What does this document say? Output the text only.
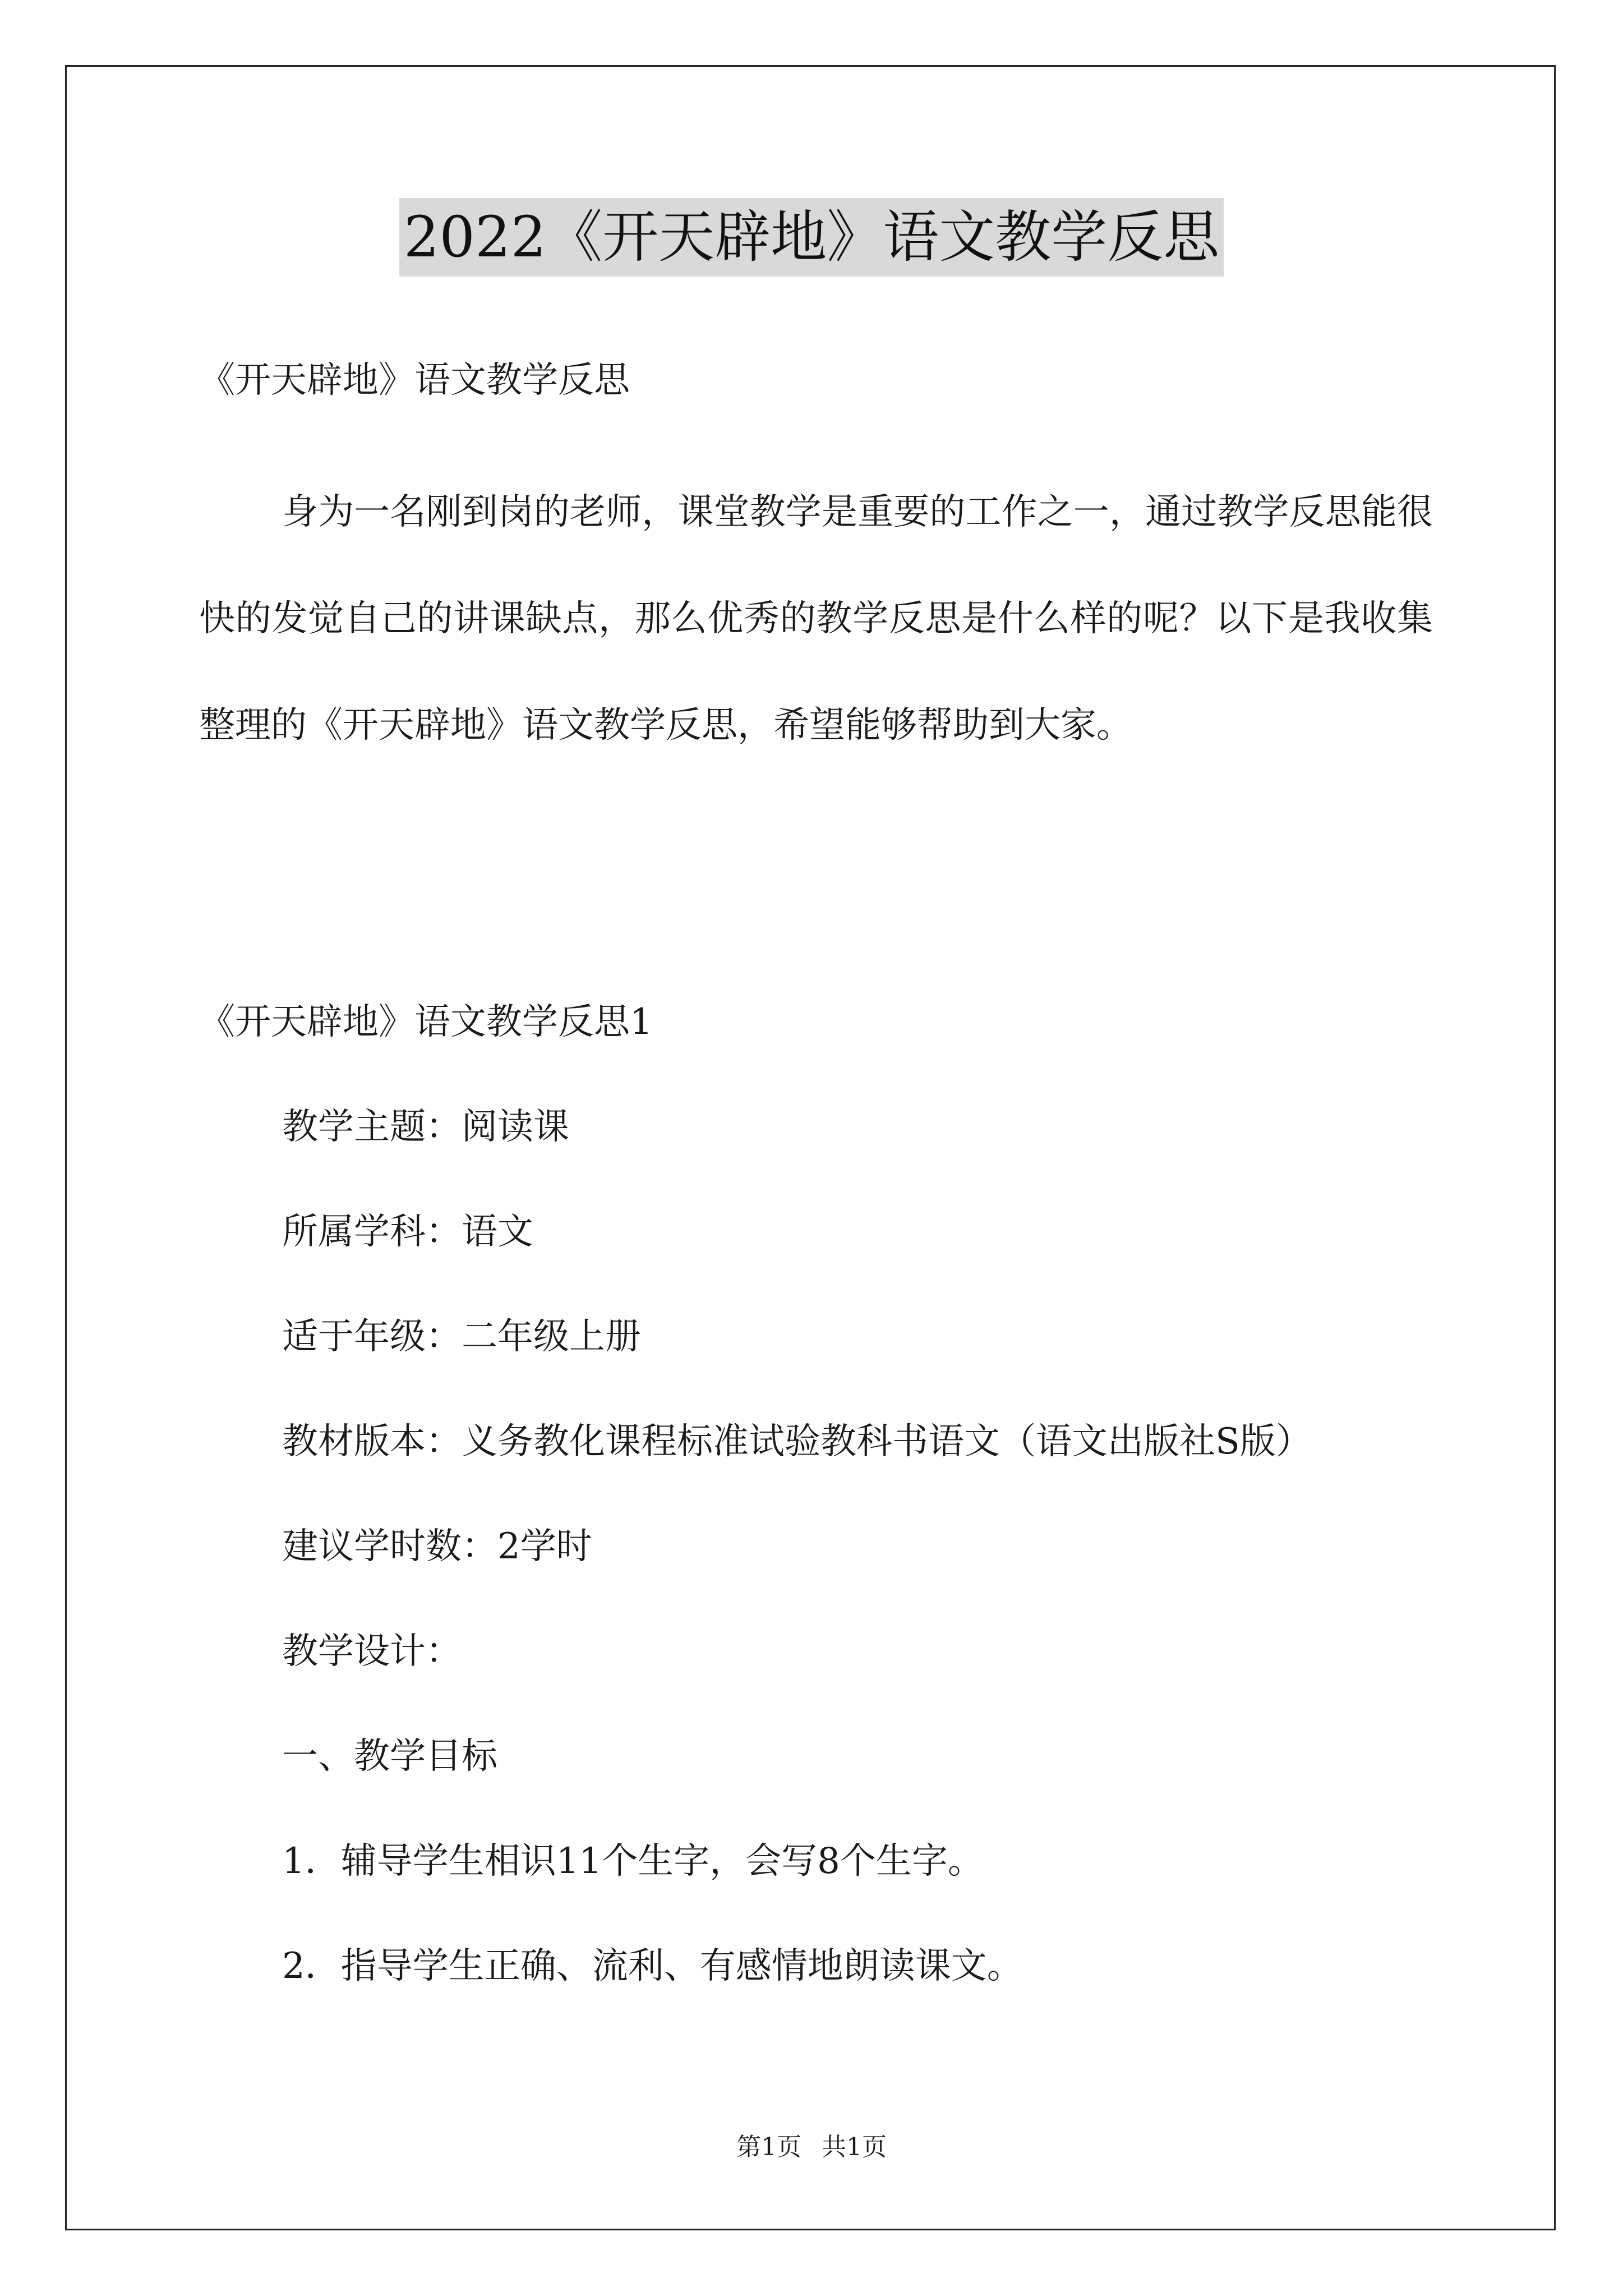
2022《开天辟地》语文教学反思

《开天辟地》语文教学反思

身为一名刚到岗的老师，课堂教学是重要的工作之一，通过教学反思能很快的发觉自己的讲课缺点，那么优秀的教学反思是什么样的呢？以下是我收集整理的《开天辟地》语文教学反思，希望能够帮助到大家。

《开天辟地》语文教学反思1

教学主题：阅读课

所属学科：语文

适于年级：二年级上册

教材版本：义务教化课程标准试验教科书语文（语文出版社S版）

建议学时数：2学时

教学设计：

一、教学目标

1．辅导学生相识11个生字，会写8个生字。

2．指导学生正确、流利、有感情地朗读课文。

第1页 共1页
